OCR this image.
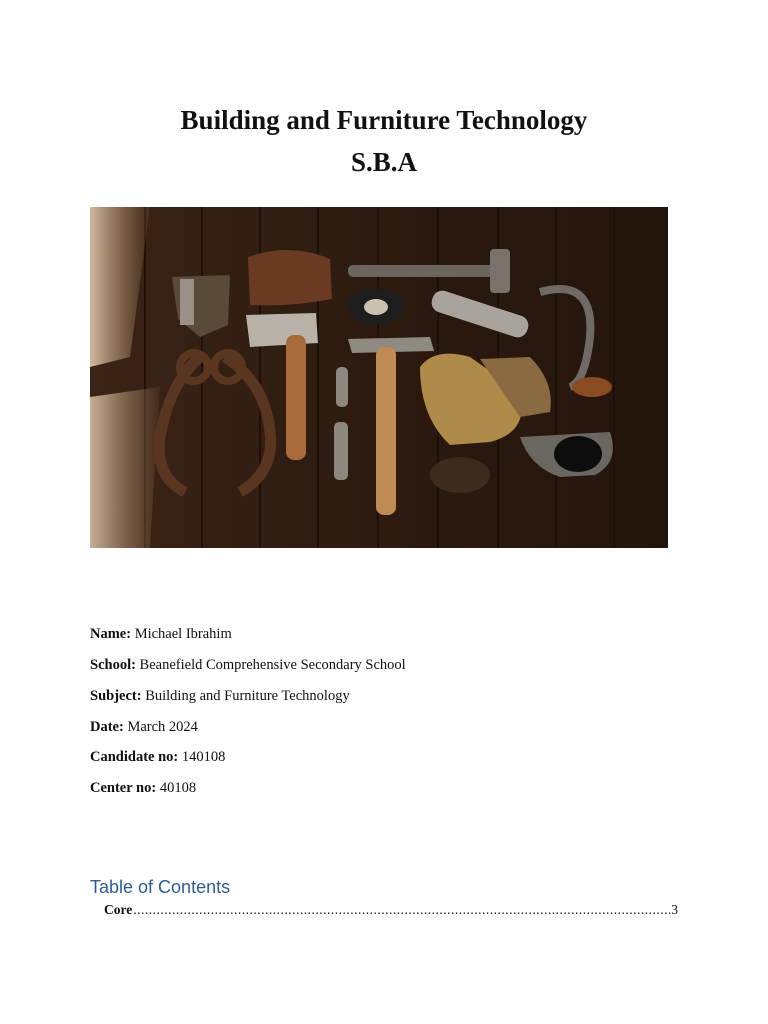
Building and Furniture Technology
S.B.A
Name: Michael Ibrahim
School: Beanefield Comprehensive Secondary School
Subject: Building and Furniture Technology
Date: March 2024
Candidate no: 140108
Center no: 40108
Table of Contents
Core
.....	3
